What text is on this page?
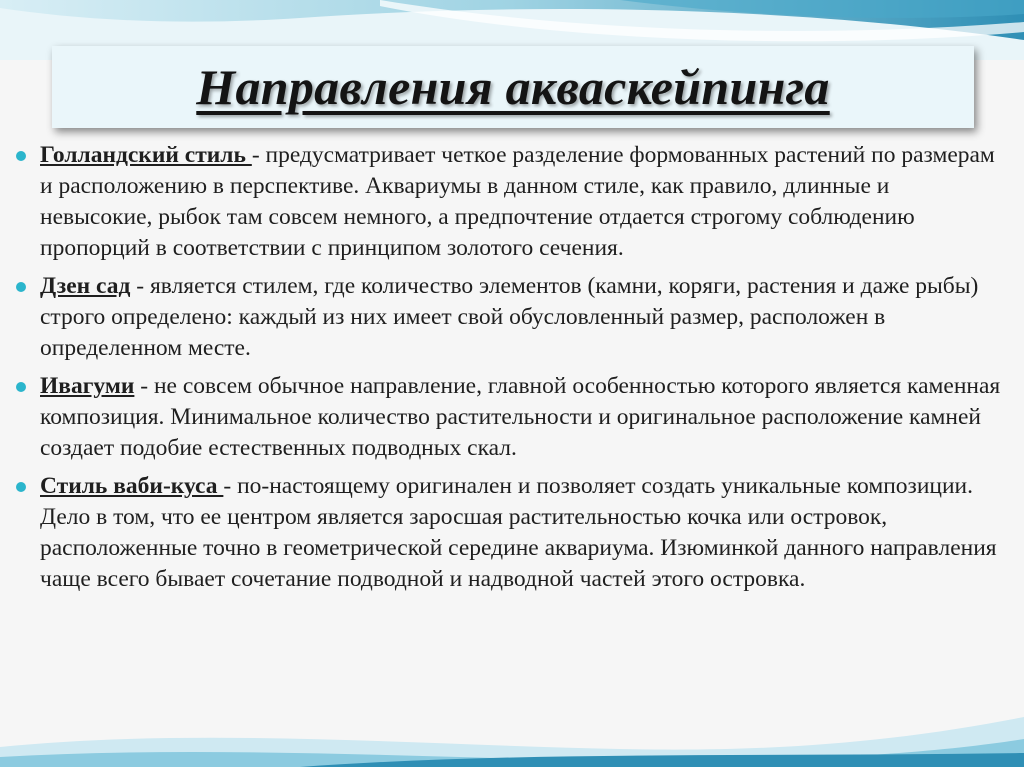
Направления акваскейпинга
Голландский стиль - предусматривает четкое разделение формованных растений по размерам и расположению в перспективе. Аквариумы в данном стиле, как правило, длинные и невысокие, рыбок там совсем немного, а предпочтение отдается строгому соблюдению пропорций в соответствии с принципом золотого сечения.
Дзен сад - является стилем, где количество элементов (камни, коряги, растения и даже рыбы) строго определено: каждый из них имеет свой обусловленный размер, расположен в определенном месте.
Ивагуми - не совсем обычное направление, главной особенностью которого является каменная композиция. Минимальное количество растительности и оригинальное расположение камней создает подобие естественных подводных скал.
Стиль ваби-куса - по-настоящему оригинален и позволяет создать уникальные композиции. Дело в том, что ее центром является заросшая растительностью кочка или островок, расположенные точно в геометрической середине аквариума. Изюминкой данного направления чаще всего бывает сочетание подводной и надводной частей этого островка.
